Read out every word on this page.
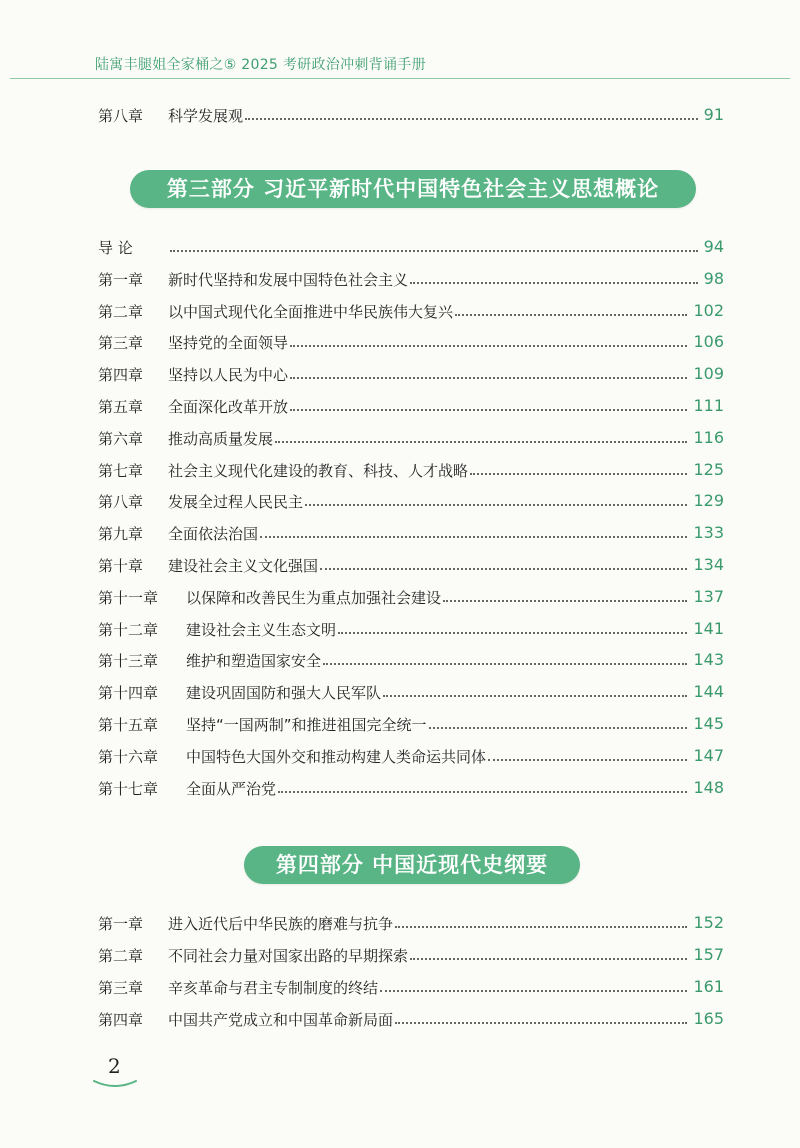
陆寓丰腿姐全家桶之⑤ 2025 考研政治冲刺背诵手册
第八章	科学发展观	91
第三部分 习近平新时代中国特色社会主义思想概论
导 论	94
第一章	新时代坚持和发展中国特色社会主义	98
第二章	以中国式现代化全面推进中华民族伟大复兴	102
第三章	坚持党的全面领导	106
第四章	坚持以人民为中心	109
第五章	全面深化改革开放	111
第六章	推动高质量发展	116
第七章	社会主义现代化建设的教育、科技、人才战略	125
第八章	发展全过程人民民主	129
第九章	全面依法治国	133
第十章	建设社会主义文化强国	134
第十一章	以保障和改善民生为重点加强社会建设	137
第十二章	建设社会主义生态文明	141
第十三章	维护和塑造国家安全	143
第十四章	建设巩固国防和强大人民军队	144
第十五章	坚持“一国两制”和推进祖国完全统一	145
第十六章	中国特色大国外交和推动构建人类命运共同体	147
第十七章	全面从严治党	148
第四部分 中国近现代史纲要
第一章	进入近代后中华民族的磨难与抗争	152
第二章	不同社会力量对国家出路的早期探索	157
第三章	辛亥革命与君主专制制度的终结	161
第四章	中国共产党成立和中国革命新局面	165
2
